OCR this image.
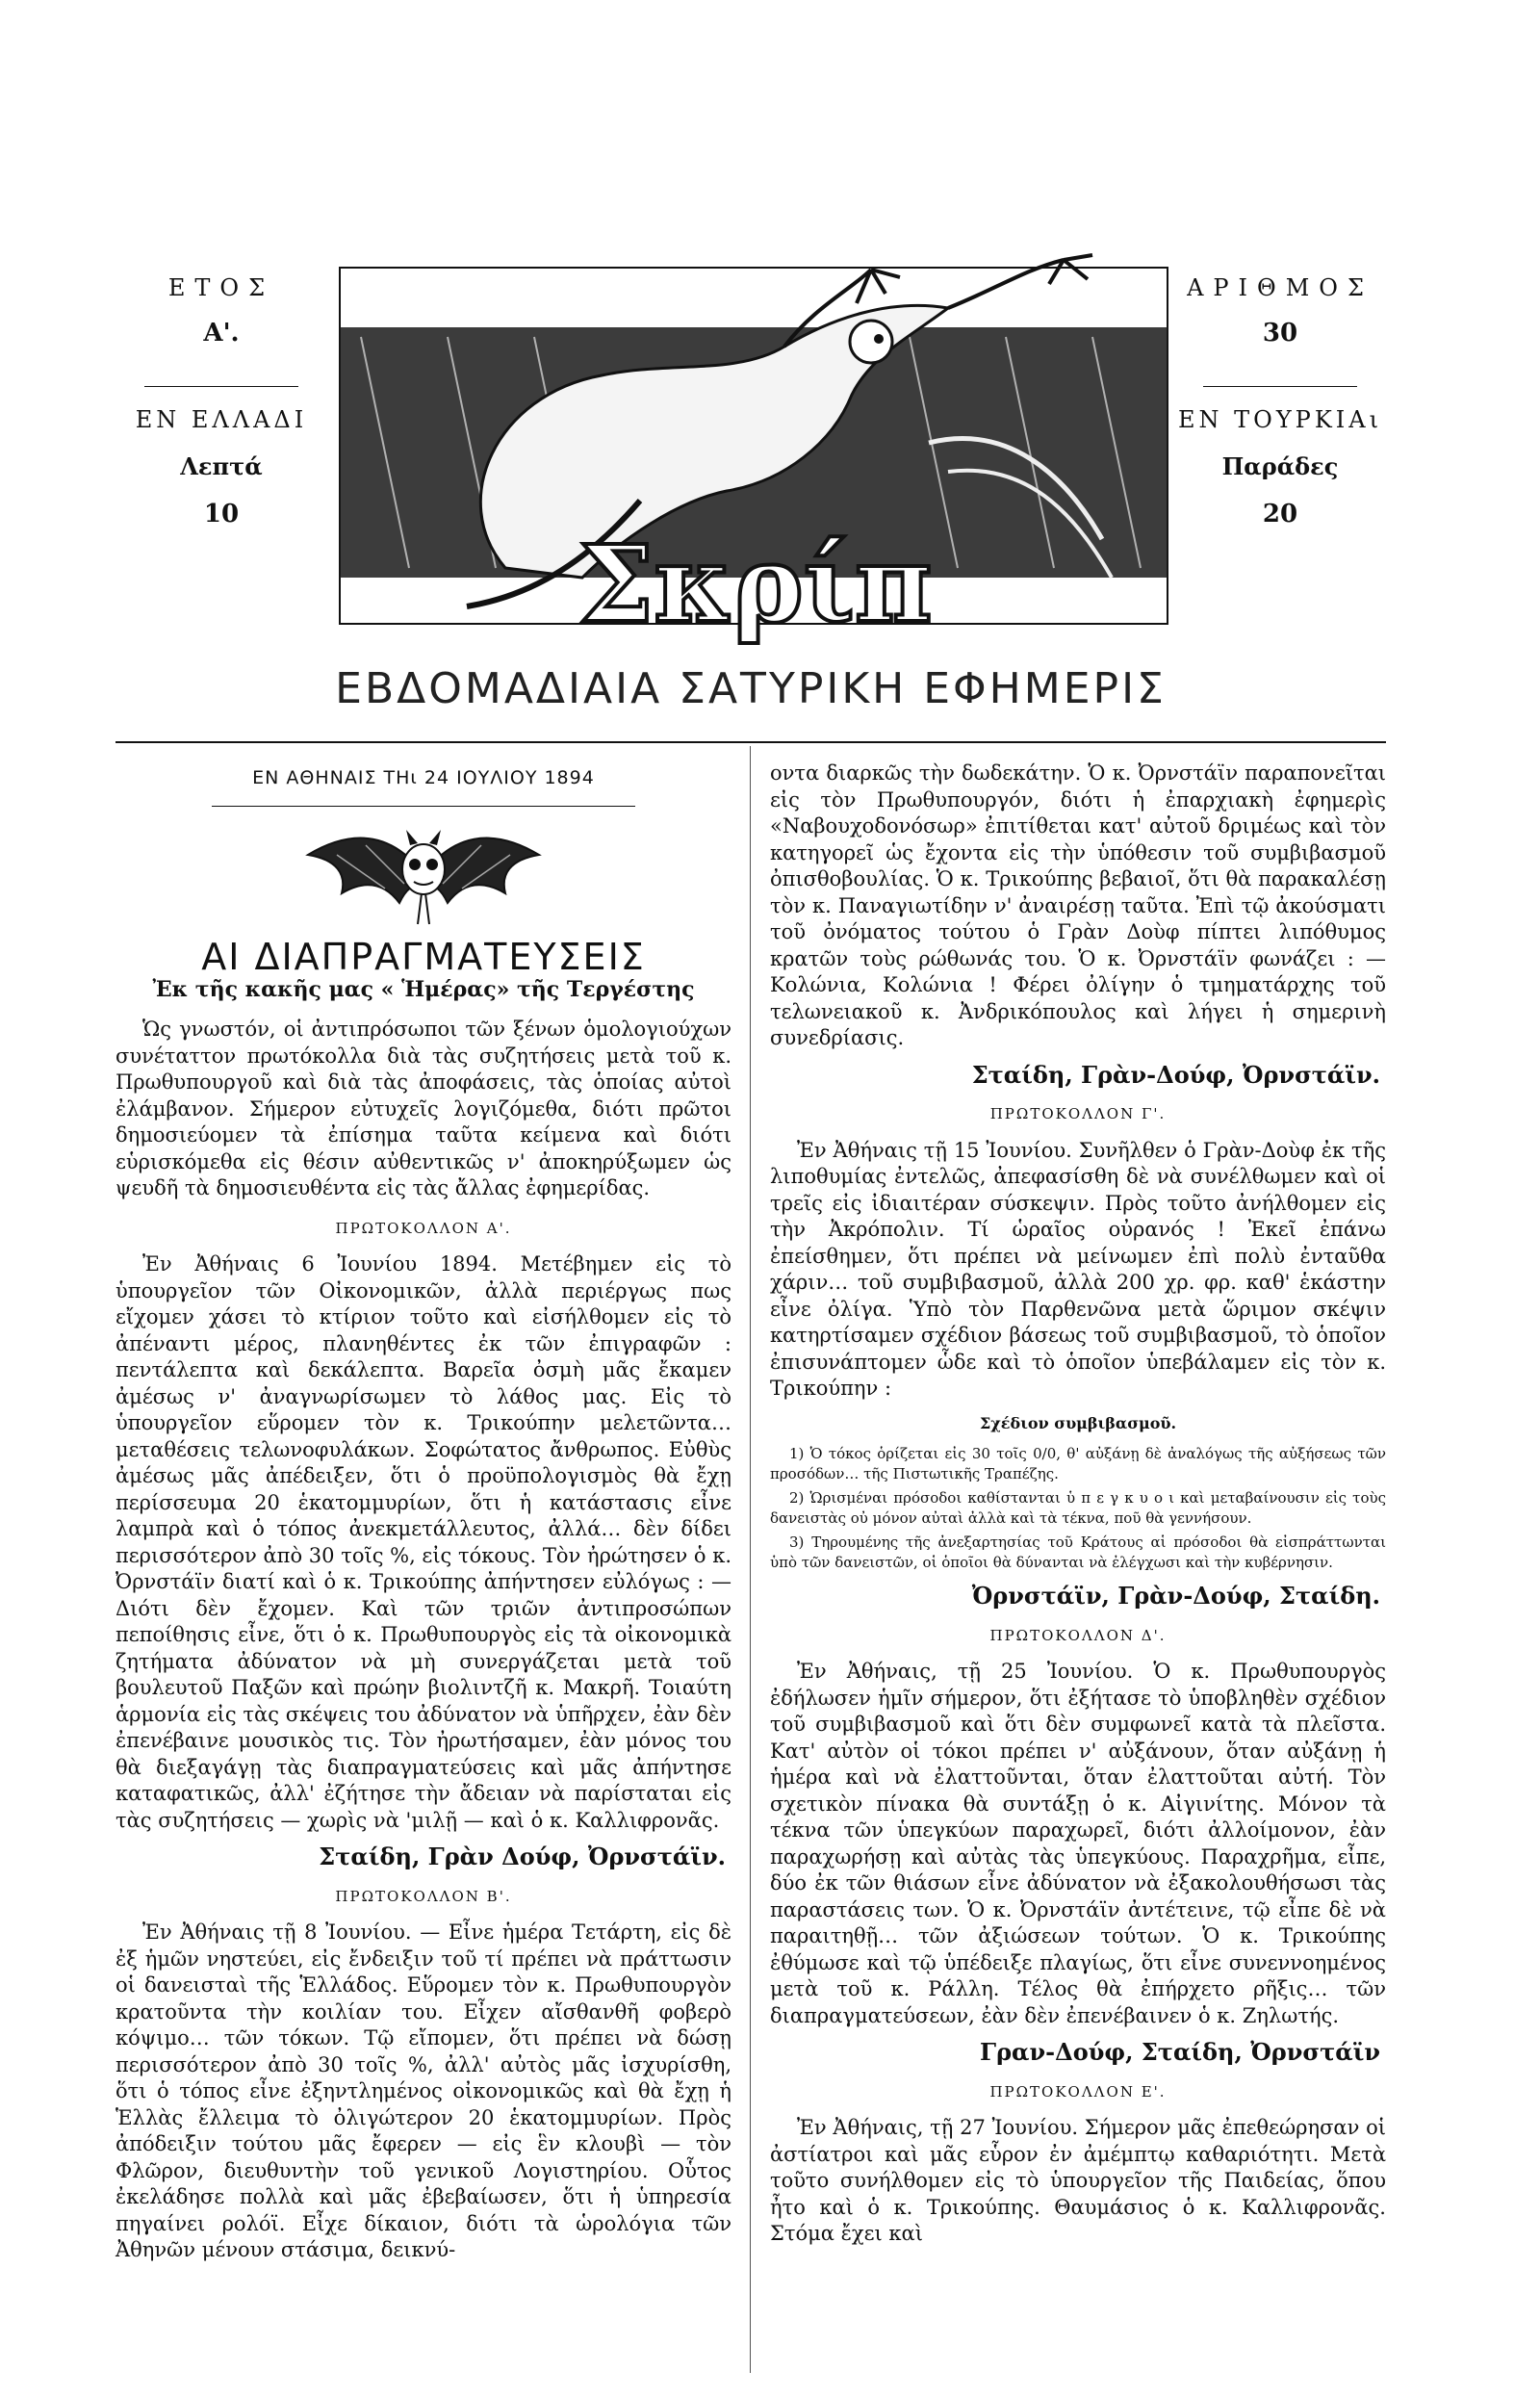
ΕΤΟΣ
Α'.
ΕΝ ΕΛΛΑΔΙ
Λεπτά
10
Σκρίπ
ΑΡΙΘΜΟΣ
30
ΕΝ ΤΟΥΡΚΙΑι
Παράδες
20
ΕΒΔΟΜΑΔΙΑΙΑ ΣΑΤΥΡΙΚΗ ΕΦΗΜΕΡΙΣ
ΕΝ ΑΘΗΝΑΙΣ ΤΗι 24 ΙΟΥΛΙΟΥ 1894
ΑΙ ΔΙΑΠΡΑΓΜΑΤΕΥΣΕΙΣ
Ἐκ τῆς κακῆς μας « Ἡμέρας» τῆς Τεργέστης

Ὡς γνωστόν, οἱ ἀντιπρόσωποι τῶν ξένων ὁμολογιούχων συνέταττον πρωτόκολλα διὰ τὰς συζητήσεις μετὰ τοῦ κ. Πρωθυπουργοῦ καὶ διὰ τὰς ἀποφάσεις, τὰς ὁποίας αὐτοὶ ἐλάμβανον. Σήμερον εὐτυχεῖς λογιζόμεθα, διότι πρῶτοι δημοσιεύομεν τὰ ἐπίσημα ταῦτα κείμενα καὶ διότι εὑρισκόμεθα εἰς θέσιν αὐθεντικῶς ν' ἀποκηρύξωμεν ὡς ψευδῆ τὰ δημοσιευθέντα εἰς τὰς ἄλλας ἐφημερίδας.

ΠΡΩΤΟΚΟΛΛΟΝ Α'.

Ἐν Ἀθήναις 6 Ἰουνίου 1894. Μετέβημεν εἰς τὸ ὑπουργεῖον τῶν Οἰκονομικῶν, ἀλλὰ περιέργως πως εἴχομεν χάσει τὸ κτίριον τοῦτο καὶ εἰσήλθομεν εἰς τὸ ἀπέναντι μέρος, πλανηθέντες ἐκ τῶν ἐπιγραφῶν : πεντάλεπτα καὶ δεκάλεπτα. Βαρεῖα ὀσμὴ μᾶς ἔκαμεν ἀμέσως ν' ἀναγνωρίσωμεν τὸ λάθος μας. Εἰς τὸ ὑπουργεῖον εὕρομεν τὸν κ. Τρικούπην μελετῶντα… μεταθέσεις τελωνοφυλάκων. Σοφώτατος ἄνθρωπος. Εὐθὺς ἀμέσως μᾶς ἀπέδειξεν, ὅτι ὁ προϋπολογισμὸς θὰ ἔχῃ περίσσευμα 20 ἑκατομμυρίων, ὅτι ἡ κατάστασις εἶνε λαμπρὰ καὶ ὁ τόπος ἀνεκμετάλλευτος, ἀλλά… δὲν δίδει περισσότερον ἀπὸ 30 τοῖς %, εἰς τόκους. Τὸν ἠρώτησεν ὁ κ. Ὀρνστάϊν διατί καὶ ὁ κ. Τρικούπης ἀπήντησεν εὐλόγως : — Διότι δὲν ἔχομεν. Καὶ τῶν τριῶν ἀντιπροσώπων πεποίθησις εἶνε, ὅτι ὁ κ. Πρωθυπουργὸς εἰς τὰ οἰκονομικὰ ζητήματα ἀδύνατον νὰ μὴ συνεργάζεται μετὰ τοῦ βουλευτοῦ Παξῶν καὶ πρώην βιολιντζῆ κ. Μακρῆ. Τοιαύτη ἁρμονία εἰς τὰς σκέψεις του ἀδύνατον νὰ ὑπῆρχεν, ἐὰν δὲν ἐπενέβαινε μουσικὸς τις. Τὸν ἠρωτήσαμεν, ἐὰν μόνος του θὰ διεξαγάγῃ τὰς διαπραγματεύσεις καὶ μᾶς ἀπήντησε καταφατικῶς, ἀλλ' ἐζήτησε τὴν ἄδειαν νὰ παρίσταται εἰς τὰς συζητήσεις — χωρὶς νὰ 'μιλῇ — καὶ ὁ κ. Καλλιφρονᾶς.

Σταίδη, Γρὰν Δούφ, Ὀρνστάϊν.
ΠΡΩΤΟΚΟΛΛΟΝ Β'.

Ἐν Ἀθήναις τῇ 8 Ἰουνίου. — Εἶνε ἡμέρα Τετάρτη, εἰς δὲ ἐξ ἡμῶν νηστεύει, εἰς ἔνδειξιν τοῦ τί πρέπει νὰ πράττωσιν οἱ δανεισταὶ τῆς Ἑλλάδος. Εὕρομεν τὸν κ. Πρωθυπουργὸν κρατοῦντα τὴν κοιλίαν του. Εἶχεν αἴσθανθῆ φοβερὸ κόψιμο… τῶν τόκων. Τῷ εἴπομεν, ὅτι πρέπει νὰ δώσῃ περισσότερον ἀπὸ 30 τοῖς %, ἀλλ' αὐτὸς μᾶς ἰσχυρίσθη, ὅτι ὁ τόπος εἶνε ἐξηντλημένος οἰκονομικῶς καὶ θὰ ἔχῃ ἡ Ἑλλὰς ἔλλειμα τὸ ὀλιγώτερον 20 ἑκατομμυρίων. Πρὸς ἀπόδειξιν τούτου μᾶς ἔφερεν — εἰς ἓν κλουβὶ — τὸν Φλῶρον, διευθυντὴν τοῦ γενικοῦ Λογιστηρίου. Οὗτος ἐκελάδησε πολλὰ καὶ μᾶς ἐβεβαίωσεν, ὅτι ἡ ὑπηρεσία πηγαίνει ρολόϊ. Εἶχε δίκαιον, διότι τὰ ὡρολόγια τῶν Ἀθηνῶν μένουν στάσιμα, δεικνύ-

οντα διαρκῶς τὴν δωδεκάτην. Ὁ κ. Ὀρνστάϊν παραπονεῖται εἰς τὸν Πρωθυπουργόν, διότι ἡ ἐπαρχιακὴ ἐφημερὶς «Ναβουχοδονόσωρ» ἐπιτίθεται κατ' αὐτοῦ δριμέως καὶ τὸν κατηγορεῖ ὡς ἔχοντα εἰς τὴν ὑπόθεσιν τοῦ συμβιβασμοῦ ὀπισθοβουλίας. Ὁ κ. Τρικούπης βεβαιοῖ, ὅτι θὰ παρακαλέσῃ τὸν κ. Παναγιωτίδην ν' ἀναιρέσῃ ταῦτα. Ἐπὶ τῷ ἀκούσματι τοῦ ὀνόματος τούτου ὁ Γρὰν Δοὺφ πίπτει λιπόθυμος κρατῶν τοὺς ρώθωνάς του. Ὁ κ. Ὀρνστάϊν φωνάζει : — Κολώνια, Κολώνια ! Φέρει ὀλίγην ὁ τμηματάρχης τοῦ τελωνειακοῦ κ. Ἀνδρικόπουλος καὶ λήγει ἡ σημερινὴ συνεδρίασις.

Σταίδη, Γρὰν-Δούφ, Ὀρνστάϊν.
ΠΡΩΤΟΚΟΛΛΟΝ Γ'.

Ἐν Ἀθήναις τῇ 15 Ἰουνίου. Συνῆλθεν ὁ Γρὰν-Δοὺφ ἐκ τῆς λιποθυμίας ἐντελῶς, ἀπεφασίσθη δὲ νὰ συνέλθωμεν καὶ οἱ τρεῖς εἰς ἰδιαιτέραν σύσκεψιν. Πρὸς τοῦτο ἀνήλθομεν εἰς τὴν Ἀκρόπολιν. Τί ὡραῖος οὐρανός ! Ἐκεῖ ἐπάνω ἐπείσθημεν, ὅτι πρέπει νὰ μείνωμεν ἐπὶ πολὺ ἐνταῦθα χάριν… τοῦ συμβιβασμοῦ, ἀλλὰ 200 χρ. φρ. καθ' ἑκάστην εἶνε ὀλίγα. Ὑπὸ τὸν Παρθενῶνα μετὰ ὥριμον σκέψιν κατηρτίσαμεν σχέδιον βάσεως τοῦ συμβιβασμοῦ, τὸ ὁποῖον ἐπισυνάπτομεν ὧδε καὶ τὸ ὁποῖον ὑπεβάλαμεν εἰς τὸν κ. Τρικούπην :

Σχέδιον συμβιβασμοῦ.

1) Ὁ τόκος ὁρίζεται εἰς 30 τοῖς 0/0, θ' αὐξάνῃ δὲ ἀναλόγως τῆς αὐξήσεως τῶν προσόδων… τῆς Πιστωτικῆς Τραπέζης.

2) Ὡρισμέναι πρόσοδοι καθίστανται ὑ π ε γ κ υ ο ι καὶ μεταβαίνουσιν εἰς τοὺς δανειστὰς οὐ μόνον αὐταὶ ἀλλὰ καὶ τὰ τέκνα, ποῦ θὰ γεννήσουν.

3) Τηρουμένης τῆς ἀνεξαρτησίας τοῦ Κράτους αἱ πρόσοδοι θὰ εἰσπράττωνται ὑπὸ τῶν δανειστῶν, οἱ ὁποῖοι θὰ δύνανται νὰ ἐλέγχωσι καὶ τὴν κυβέρνησιν.

Ὀρνστάϊν, Γρὰν-Δούφ, Σταίδη.
ΠΡΩΤΟΚΟΛΛΟΝ Δ'.

Ἐν Ἀθήναις, τῇ 25 Ἰουνίου. Ὁ κ. Πρωθυπουργὸς ἐδήλωσεν ἡμῖν σήμερον, ὅτι ἐξήτασε τὸ ὑποβληθὲν σχέδιον τοῦ συμβιβασμοῦ καὶ ὅτι δὲν συμφωνεῖ κατὰ τὰ πλεῖστα. Κατ' αὐτὸν οἱ τόκοι πρέπει ν' αὐξάνουν, ὅταν αὐξάνῃ ἡ ἡμέρα καὶ νὰ ἐλαττοῦνται, ὅταν ἐλαττοῦται αὐτή. Τὸν σχετικὸν πίνακα θὰ συντάξῃ ὁ κ. Αἰγινίτης. Μόνον τὰ τέκνα τῶν ὑπεγκύων παραχωρεῖ, διότι ἀλλοίμονον, ἐὰν παραχωρήσῃ καὶ αὐτὰς τὰς ὑπεγκύους. Παραχρῆμα, εἶπε, δύο ἐκ τῶν θιάσων εἶνε ἀδύνατον νὰ ἐξακολουθήσωσι τὰς παραστάσεις των. Ὁ κ. Ὀρνστάϊν ἀντέτεινε, τῷ εἶπε δὲ νὰ παραιτηθῇ… τῶν ἀξιώσεων τούτων. Ὁ κ. Τρικούπης ἐθύμωσε καὶ τῷ ὑπέδειξε πλαγίως, ὅτι εἶνε συνεννοημένος μετὰ τοῦ κ. Ράλλη. Τέλος θὰ ἐπήρχετο ρῆξις… τῶν διαπραγματεύσεων, ἐὰν δὲν ἐπενέβαινεν ὁ κ. Ζηλωτής.

Γραν-Δούφ, Σταίδη, Ὀρνστάϊν
ΠΡΩΤΟΚΟΛΛΟΝ Ε'.

Ἐν Ἀθήναις, τῇ 27 Ἰουνίου. Σήμερον μᾶς ἐπεθεώρησαν οἱ ἀστίατροι καὶ μᾶς εὗρον ἐν ἀμέμπτῳ καθαριότητι. Μετὰ τοῦτο συνήλθομεν εἰς τὸ ὑπουργεῖον τῆς Παιδείας, ὅπου ἦτο καὶ ὁ κ. Τρικούπης. Θαυμάσιος ὁ κ. Καλλιφρονᾶς. Στόμα ἔχει καὶ
